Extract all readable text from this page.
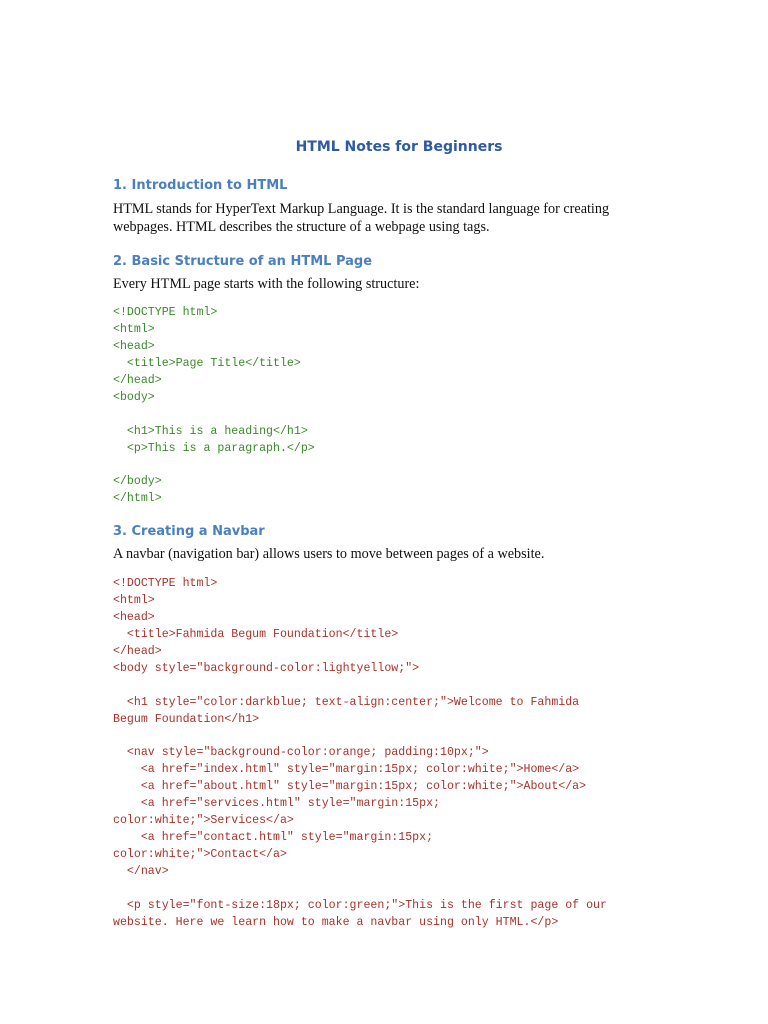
HTML Notes for Beginners
1. Introduction to HTML

HTML stands for HyperText Markup Language. It is the standard language for creating
webpages. HTML describes the structure of a webpage using tags.

2. Basic Structure of an HTML Page

Every HTML page starts with the following structure:

<!DOCTYPE html>
<html>
<head>
<title>Page Title</title>
</head>
<body>
<h1>This is a heading</h1>
<p>This is a paragraph.</p>
</body>
</html>
3. Creating a Navbar

A navbar (navigation bar) allows users to move between pages of a website.

<!DOCTYPE html>
<html>
<head>
<title>Fahmida Begum Foundation</title>
</head>
<body style="background-color:lightyellow;">
<h1 style="color:darkblue; text-align:center;">Welcome to Fahmida
Begum Foundation</h1>
<nav style="background-color:orange; padding:10px;">
<a href="index.html" style="margin:15px; color:white;">Home</a>
<a href="about.html" style="margin:15px; color:white;">About</a>
<a href="services.html" style="margin:15px;
color:white;">Services</a>
<a href="contact.html" style="margin:15px;
color:white;">Contact</a>
</nav>
<p style="font-size:18px; color:green;">This is the first page of our
website. Here we learn how to make a navbar using only HTML.</p>
